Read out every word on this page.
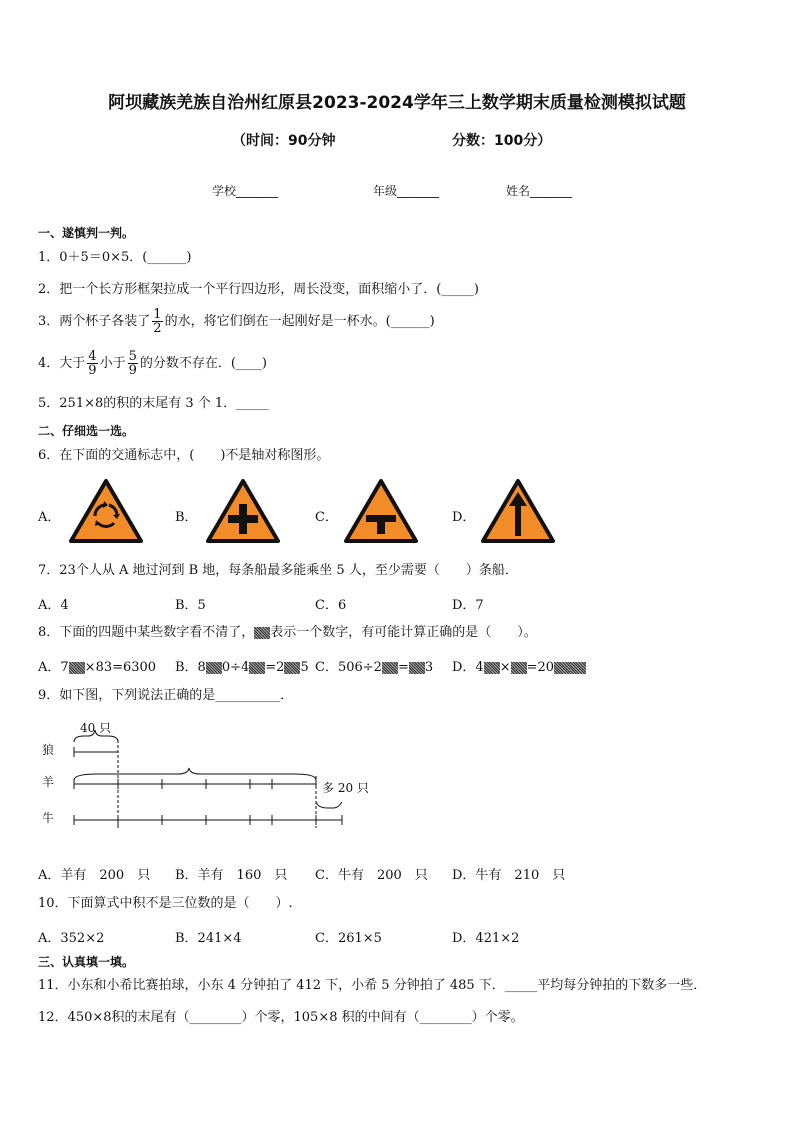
阿坝藏族羌族自治州红原县2023-2024学年三上数学期末质量检测模拟试题
（时间：90分钟	分数：100分）
学校_______	年级_______	姓名_______
一、遂慎判一判。
1．0＋5＝0×5．(______)
2．把一个长方形框架拉成一个平行四边形，周长没变，面积缩小了．(_____)
3．两个杯子各装了 $\frac{1}{2}$ 的水，将它们倒在一起刚好是一杯水。(______)
4．大于 $\frac{4}{9}$ 小于 $\frac{5}{9}$ 的分数不存在．(____)
5．251×8的积的末尾有 3 个 1．_____
二、仔细选一选。
6．在下面的交通标志中，(　　)不是轴对称图形。
A．	B．	C．	D．
7．23个人从 A 地过河到 B 地，每条船最多能乘坐 5 人，至少需要（　　）条船．
A．4	B．5	C．6	D．7
8．下面的四题中某些数字看不清了， 表示一个数字，有可能计算正确的是（　　）。
A．7 ×83=6300 B．8 0÷4 =2 5 C．506÷2 = 3 D．4 × =20
9．如下图，下列说法正确的是__________．
狼
羊
牛
40 只
多 20 只
A．羊有　200　只 B．羊有　160　只 C．牛有　200　只 D．牛有　210　只
10．下面算式中积不是三位数的是（　　）.
A．352×2	B．241×4	C．261×5	D．421×2
三、认真填一填。
11．小东和小希比赛拍球，小东 4 分钟拍了 412 下，小希 5 分钟拍了 485 下．_____平均每分钟拍的下数多一些．
12．450×8积的末尾有（________）个零，105×8 积的中间有（________）个零。
